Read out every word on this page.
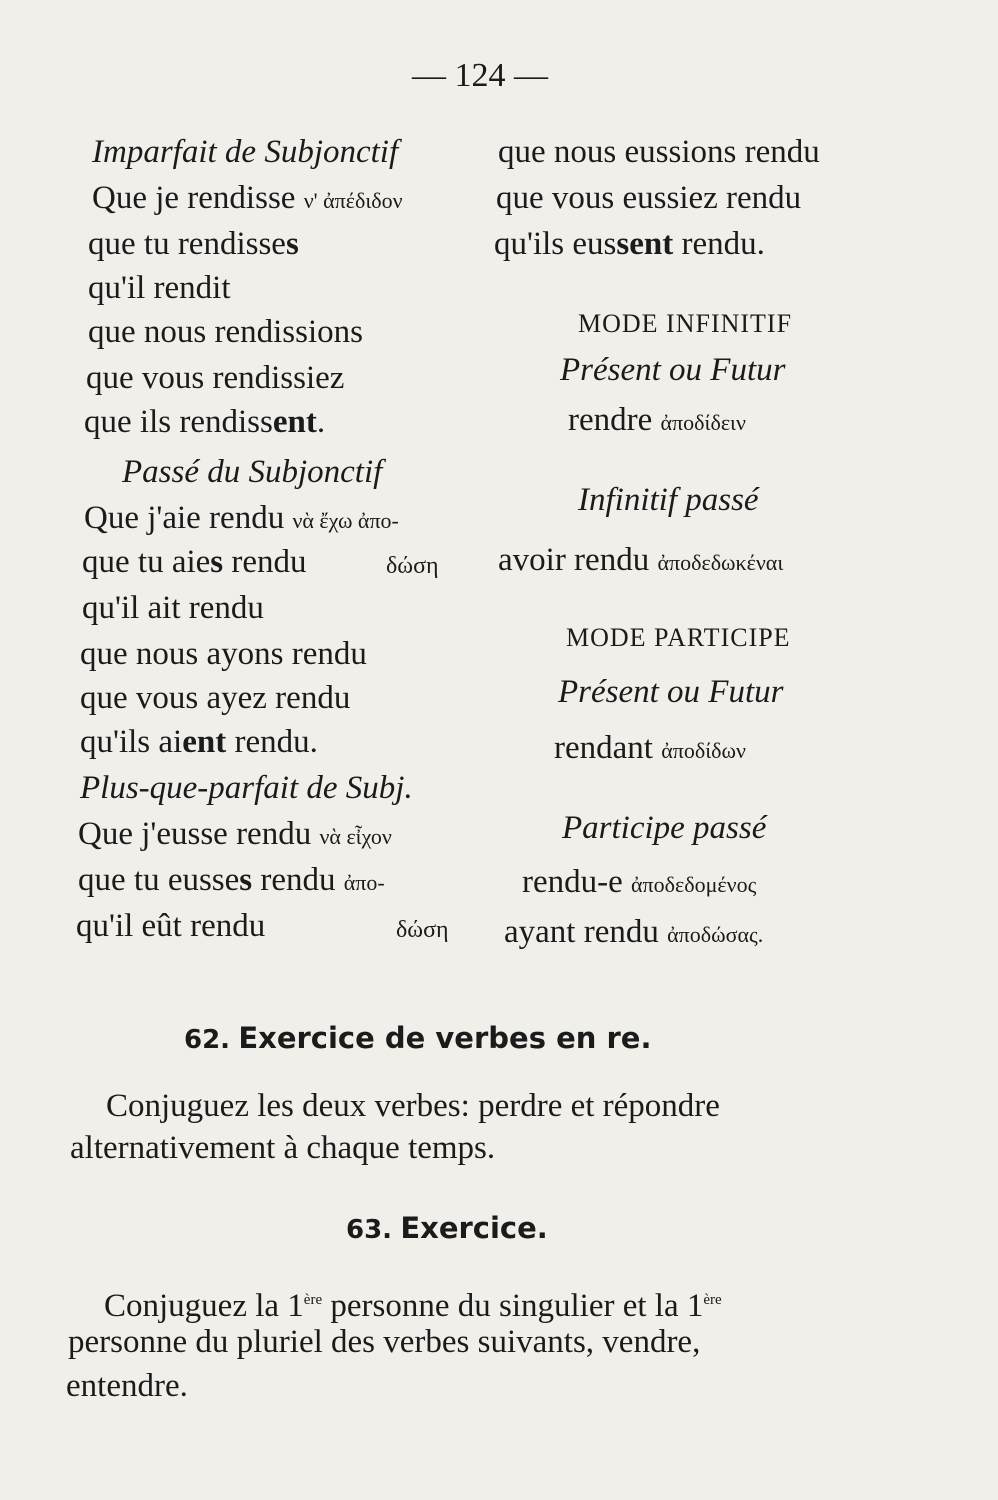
— 124 —
Imparfait de Subjonctif
Que je rendisse ν' ἀπέδιδον
que tu rendisses
qu'il rendit
que nous rendissions
que vous rendissiez
que ils rendissent.
Passé du Subjonctif
Que j'aie rendu νὰ ἔχω ἀπο-
que tu aies rendu	δώση
qu'il ait rendu
que nous ayons rendu
que vous ayez rendu
qu'ils aient rendu.
Plus-que-parfait de Subj.
Que j'eusse rendu νὰ εἶχον
que tu eusses rendu ἀπο-
qu'il eût rendu	δώση
que nous eussions rendu
que vous eussiez rendu
qu'ils eussent rendu.
MODE INFINITIF
Présent ou Futur
rendre ἀποδίδειν
Infinitif passé
avoir rendu ἀποδεδωκέναι
MODE PARTICIPE
Présent ou Futur
rendant ἀποδίδων
Participe passé
rendu-e ἀποδεδομένος
ayant rendu ἀποδώσας.
62. Exercice de verbes en re.
Conjuguez les deux verbes: perdre et répondre
alternativement à chaque temps.
63. Exercice.
Conjuguez la 1ère personne du singulier et la 1ère
personne du pluriel des verbes suivants, vendre,
entendre.
